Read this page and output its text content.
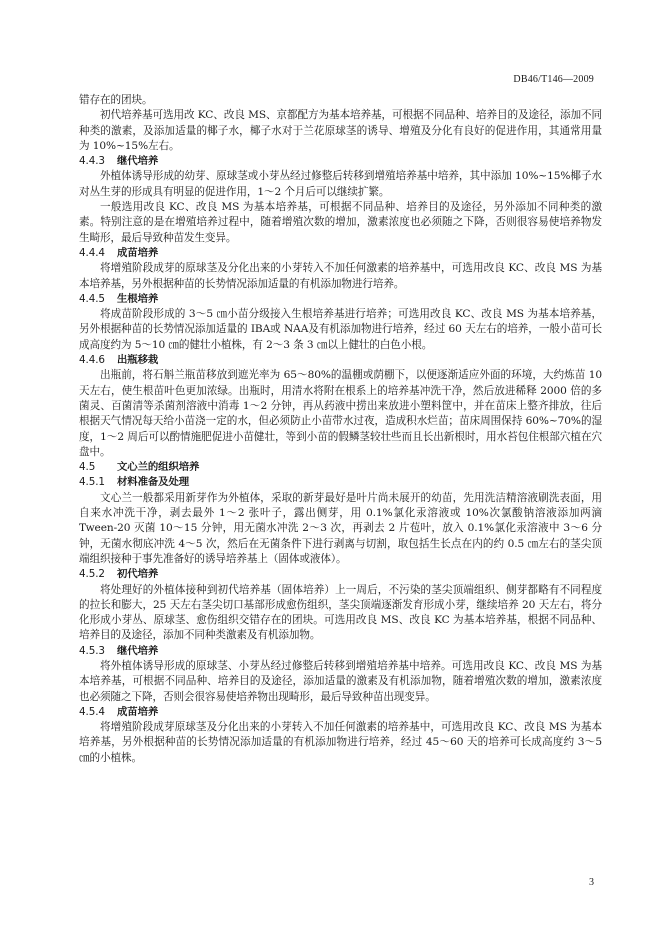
DB46/T146—2009

错存在的团块。

初代培养基可选用改 KC、改良 MS、京都配方为基本培养基，可根据不同品种、培养目的及途径，添加不同种类的激素，及添加适量的椰子水，椰子水对于兰花原球茎的诱导、增殖及分化有良好的促进作用，其通常用量为 10%~15%左右。

4.4.3 继代培养

外植体诱导形成的幼芽、原球茎或小芽丛经过修整后转移到增殖培养基中培养，其中添加 10%~15%椰子水对丛生芽的形成具有明显的促进作用，1～2 个月后可以继续扩繁。

一般选用改良 KC、改良 MS 为基本培养基，可根据不同品种、培养目的及途径，另外添加不同种类的激素。特别注意的是在增殖培养过程中，随着增殖次数的增加，激素浓度也必须随之下降，否则很容易使培养物发生畸形，最后导致种苗发生变异。

4.4.4 成苗培养

将增殖阶段成芽的原球茎及分化出来的小芽转入不加任何激素的培养基中，可选用改良 KC、改良 MS 为基本培养基，另外根据种苗的长势情况添加适量的有机添加物进行培养。

4.4.5 生根培养

将成苗阶段形成的 3～5 ㎝小苗分级接入生根培养基进行培养；可选用改良 KC、改良 MS 为基本培养基，另外根据种苗的长势情况添加适量的 IBA或 NAA及有机添加物进行培养，经过 60 天左右的培养，一般小苗可长成高度约为 5～10 ㎝的健壮小植株，有 2～3 条 3 ㎝以上健壮的白色小根。

4.4.6 出瓶移栽

出瓶前，将石斛兰瓶苗移放到遮光率为 65～80%的温棚或荫棚下，以便逐渐适应外面的环境，大约炼苗 10 天左右，使生根苗叶色更加浓绿。出瓶时，用清水将附在根系上的培养基冲洗干净，然后放进稀释 2000 倍的多菌灵、百菌清等杀菌剂溶液中消毒 1～2 分钟，再从药液中捞出来放进小塑料筐中，并在苗床上整齐排放，往后根据天气情况每天给小苗浇一定的水，但必须防止小苗带水过夜，造成积水烂苗；苗床周围保持 60%~70%的湿度，1～2 周后可以酌情施肥促进小苗健壮，等到小苗的假鳞茎较壮些而且长出新根时，用水苔包住根部穴植在穴盘中。

4.5 文心兰的组织培养
4.5.1 材料准备及处理

文心兰一般都采用新芽作为外植体，采取的新芽最好是叶片尚未展开的幼苗，先用洗洁精溶液刷洗表面，用自来水冲洗干净，剥去最外 1～2 张叶子，露出侧芽，用 0.1%氯化汞溶液或 10%次氯酸钠溶液添加两滴 Tween-20 灭菌 10～15 分钟，用无菌水冲洗 2～3 次，再剥去 2 片苞叶，放入 0.1%氯化汞溶液中 3～6 分钟，无菌水彻底冲洗 4～5 次，然后在无菌条件下进行剥离与切割，取包括生长点在内的约 0.5 ㎝左右的茎尖顶端组织接种于事先准备好的诱导培养基上（固体或液体）。

4.5.2 初代培养

将处理好的外植体接种到初代培养基（固体培养）上一周后，不污染的茎尖顶端组织、侧芽都略有不同程度的拉长和膨大，25 天左右茎尖切口基部形成愈伤组织，茎尖顶端逐渐发育形成小芽，继续培养 20 天左右，将分化形成小芽丛、原球茎、愈伤组织交错存在的团块。可选用改良 MS、改良 KC 为基本培养基，根据不同品种、培养目的及途径，添加不同种类激素及有机添加物。

4.5.3 继代培养

将外植体诱导形成的原球茎、小芽丛经过修整后转移到增殖培养基中培养。可选用改良 KC、改良 MS 为基本培养基，可根据不同品种、培养目的及途径，添加适量的激素及有机添加物，随着增殖次数的增加，激素浓度也必须随之下降，否则会很容易使培养物出现畸形，最后导致种苗出现变异。

4.5.4 成苗培养

将增殖阶段成芽原球茎及分化出来的小芽转入不加任何激素的培养基中，可选用改良 KC、改良 MS 为基本培养基，另外根据种苗的长势情况添加适量的有机添加物进行培养，经过 45～60 天的培养可长成高度约 3～5 ㎝的小植株。

3
